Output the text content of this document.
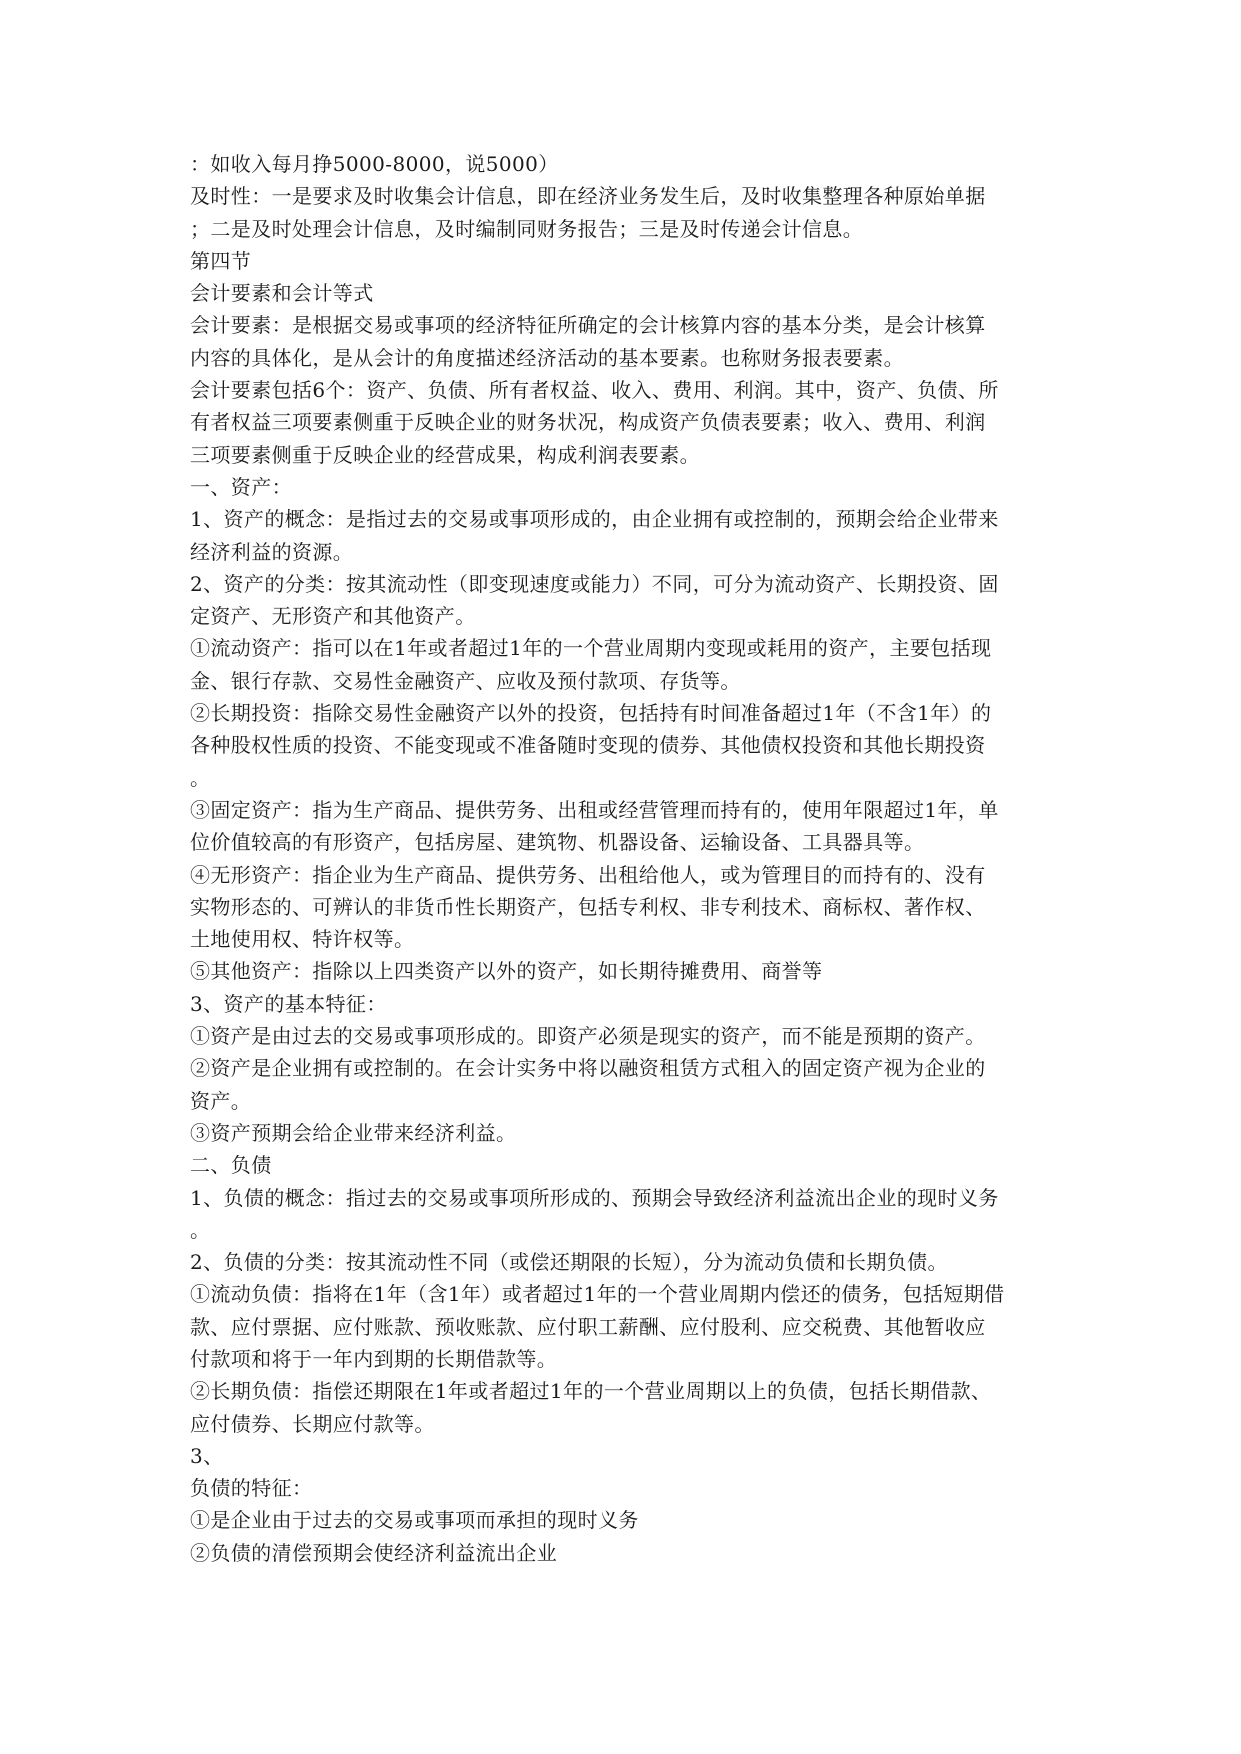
：如收入每月挣5000-8000，说5000）
及时性：一是要求及时收集会计信息，即在经济业务发生后，及时收集整理各种原始单据
；二是及时处理会计信息，及时编制同财务报告；三是及时传递会计信息。
第四节
会计要素和会计等式
会计要素：是根据交易或事项的经济特征所确定的会计核算内容的基本分类，是会计核算
内容的具体化，是从会计的角度描述经济活动的基本要素。也称财务报表要素。
会计要素包括6个：资产、负债、所有者权益、收入、费用、利润。其中，资产、负债、所
有者权益三项要素侧重于反映企业的财务状况，构成资产负债表要素；收入、费用、利润
三项要素侧重于反映企业的经营成果，构成利润表要素。
一、资产：
1、资产的概念：是指过去的交易或事项形成的，由企业拥有或控制的，预期会给企业带来
经济利益的资源。
2、资产的分类：按其流动性（即变现速度或能力）不同，可分为流动资产、长期投资、固
定资产、无形资产和其他资产。
①流动资产：指可以在1年或者超过1年的一个营业周期内变现或耗用的资产，主要包括现
金、银行存款、交易性金融资产、应收及预付款项、存货等。
②长期投资：指除交易性金融资产以外的投资，包括持有时间准备超过1年（不含1年）的
各种股权性质的投资、不能变现或不准备随时变现的债券、其他债权投资和其他长期投资
。
③固定资产：指为生产商品、提供劳务、出租或经营管理而持有的，使用年限超过1年，单
位价值较高的有形资产，包括房屋、建筑物、机器设备、运输设备、工具器具等。
④无形资产：指企业为生产商品、提供劳务、出租给他人，或为管理目的而持有的、没有
实物形态的、可辨认的非货币性长期资产，包括专利权、非专利技术、商标权、著作权、
土地使用权、特许权等。
⑤其他资产：指除以上四类资产以外的资产，如长期待摊费用、商誉等
3、资产的基本特征：
①资产是由过去的交易或事项形成的。即资产必须是现实的资产，而不能是预期的资产。
②资产是企业拥有或控制的。在会计实务中将以融资租赁方式租入的固定资产视为企业的
资产。
③资产预期会给企业带来经济利益。
二、负债
1、负债的概念：指过去的交易或事项所形成的、预期会导致经济利益流出企业的现时义务
。
2、负债的分类：按其流动性不同（或偿还期限的长短），分为流动负债和长期负债。
①流动负债：指将在1年（含1年）或者超过1年的一个营业周期内偿还的债务，包括短期借
款、应付票据、应付账款、预收账款、应付职工薪酬、应付股利、应交税费、其他暂收应
付款项和将于一年内到期的长期借款等。
②长期负债：指偿还期限在1年或者超过1年的一个营业周期以上的负债，包括长期借款、
应付债券、长期应付款等。
3、
负债的特征：
①是企业由于过去的交易或事项而承担的现时义务
②负债的清偿预期会使经济利益流出企业
